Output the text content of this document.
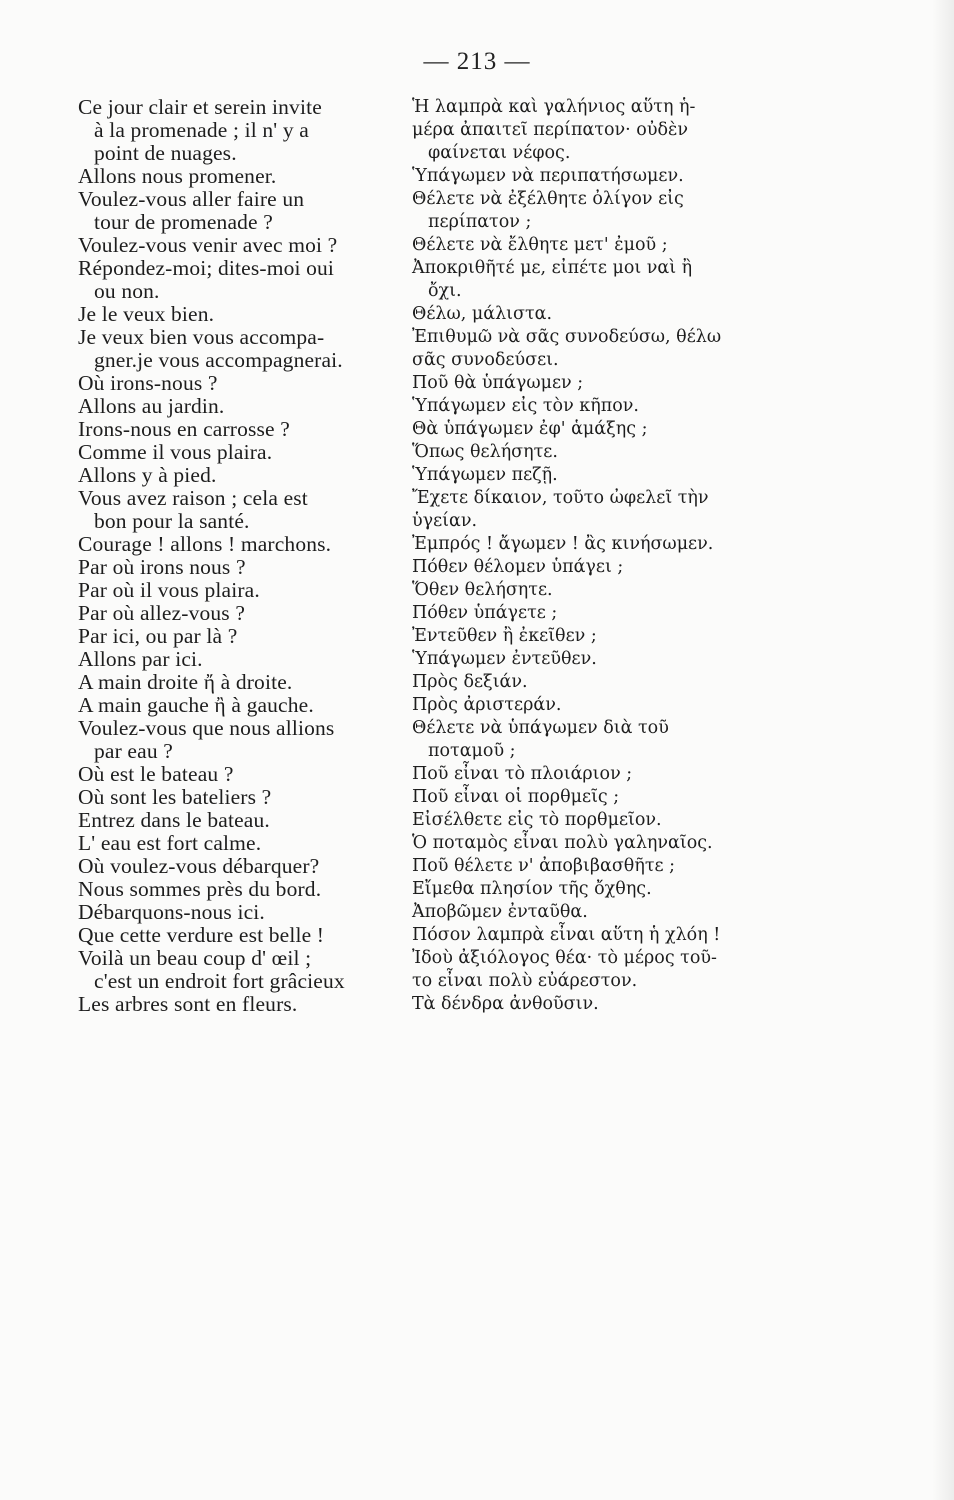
— 213 —
Ce jour clair et serein invite
à la promenade ; il n' y a
point de nuages.
Allons nous promener.
Voulez-vous aller faire un
tour de promenade ?
Voulez-vous venir avec moi ?
Répondez-moi; dites-moi oui
ou non.
Je le veux bien.
Je veux bien vous accompa-
gner.je vous accompagnerai.
Où irons-nous ?
Allons au jardin.
Irons-nous en carrosse ?
Comme il vous plaira.
Allons y à pied.
Vous avez raison ; cela est
bon pour la santé.
Courage ! allons ! marchons.
Par où irons nous ?
Par où il vous plaira.
Par où allez-vous ?
Par ici, ou par là ?
Allons par ici.
A main droite ἤ à droite.
A main gauche ἢ à gauche.
Voulez-vous que nous allions
par eau ?
Où est le bateau ?
Où sont les bateliers ?
Entrez dans le bateau.
L' eau est fort calme.
Où voulez-vous débarquer?
Nous sommes près du bord.
Débarquons-nous ici.
Que cette verdure est belle !
Voilà un beau coup d' œil ;
c'est un endroit fort grâcieux
Les arbres sont en fleurs.
Ἡ λαμπρὰ καὶ γαλήνιος αὕτη ἡ-
μέρα ἀπαιτεῖ περίπατον· οὐδὲν
φαίνεται νέφος.
Ὑπάγωμεν νὰ περιπατήσωμεν.
Θέλετε νὰ ἐξέλθητε ὀλίγον εἰς
περίπατον ;
Θέλετε νὰ ἔλθητε μετ' ἐμοῦ ;
Ἀποκριθῆτέ με, εἰπέτε μοι ναὶ ἢ
ὄχι.
Θέλω, μάλιστα.
Ἐπιθυμῶ νὰ σᾶς συνοδεύσω, θέλω
σᾶς συνοδεύσει.
Ποῦ θὰ ὑπάγωμεν ;
Ὑπάγωμεν εἰς τὸν κῆπον.
Θὰ ὑπάγωμεν ἐφ' ἁμάξης ;
Ὅπως θελήσητε.
Ὑπάγωμεν πεζῇ.
Ἔχετε δίκαιον, τοῦτο ὠφελεῖ τὴν
ὑγείαν.
Ἐμπρός ! ἄγωμεν ! ἂς κινήσωμεν.
Πόθεν θέλομεν ὑπάγει ;
Ὅθεν θελήσητε.
Πόθεν ὑπάγετε ;
Ἐντεῦθεν ἢ ἐκεῖθεν ;
Ὑπάγωμεν ἐντεῦθεν.
Πρὸς δεξιάν.
Πρὸς ἀριστεράν.
Θέλετε νὰ ὑπάγωμεν διὰ τοῦ
ποταμοῦ ;
Ποῦ εἶναι τὸ πλοιάριον ;
Ποῦ εἶναι οἱ πορθμεῖς ;
Εἰσέλθετε εἰς τὸ πορθμεῖον.
Ὁ ποταμὸς εἶναι πολὺ γαληναῖος.
Ποῦ θέλετε ν' ἀποβιβασθῆτε ;
Εἴμεθα πλησίον τῆς ὄχθης.
Ἀποβῶμεν ἐνταῦθα.
Πόσον λαμπρὰ εἶναι αὕτη ἡ χλόη !
Ἰδοὺ ἀξιόλογος θέα· τὸ μέρος τοῦ-
το εἶναι πολὺ εὐάρεστον.
Τὰ δένδρα ἀνθοῦσιν.
